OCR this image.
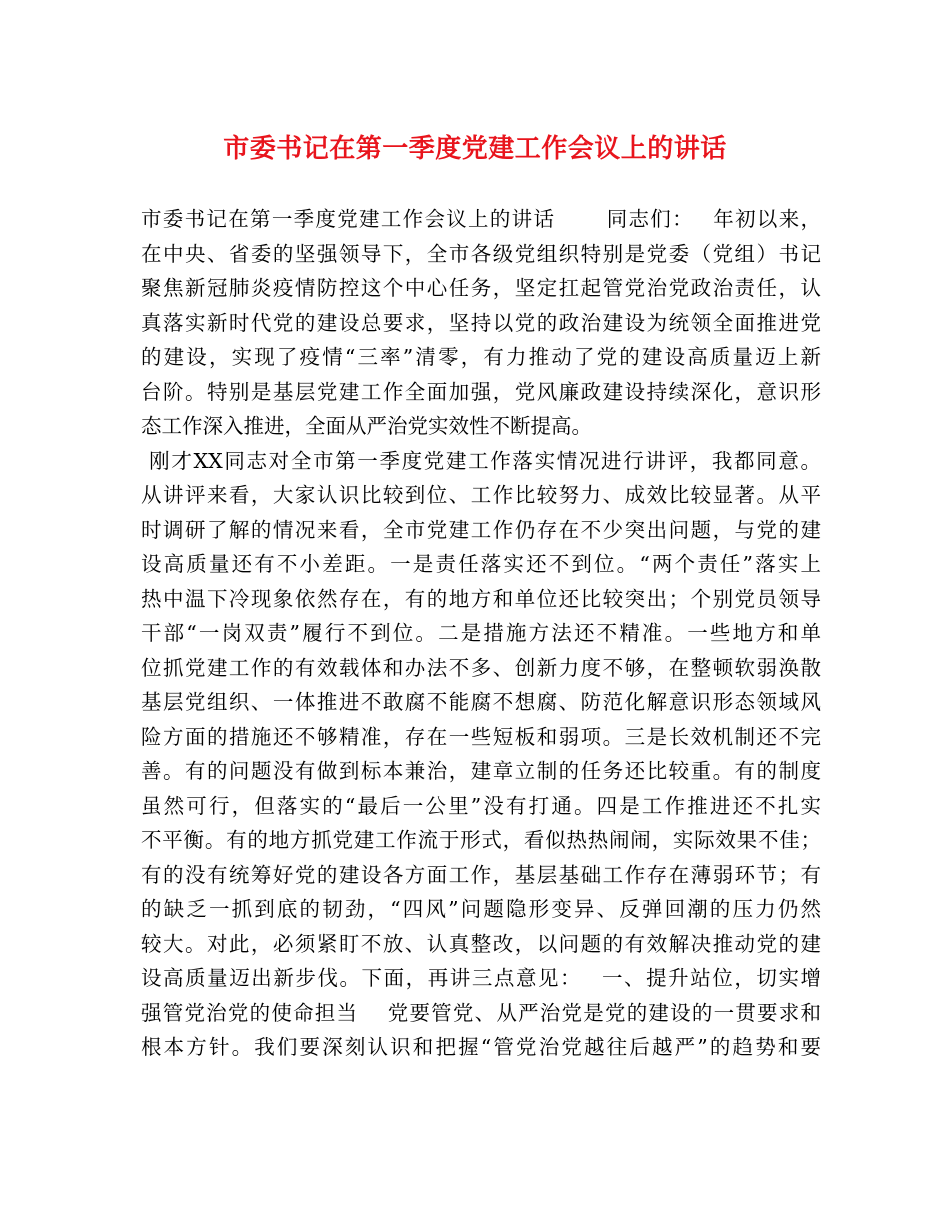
市委书记在第一季度党建工作会议上的讲话
市委书记在第一季度党建工作会议上的讲话　　 同志们：　 年初以来，
在中央、省委的坚强领导下，全市各级党组织特别是党委（党组）书记
聚焦新冠肺炎疫情防控这个中心任务，坚定扛起管党治党政治责任，认
真落实新时代党的建设总要求，坚持以党的政治建设为统领全面推进党
的建设，实现了疫情“三率”清零，有力推动了党的建设高质量迈上新
台阶。特别是基层党建工作全面加强，党风廉政建设持续深化，意识形
态工作深入推进，全面从严治党实效性不断提高。
刚才XX同志对全市第一季度党建工作落实情况进行讲评，我都同意。
从讲评来看，大家认识比较到位、工作比较努力、成效比较显著。从平
时调研了解的情况来看，全市党建工作仍存在不少突出问题，与党的建
设高质量还有不小差距。一是责任落实还不到位。“两个责任”落实上
热中温下冷现象依然存在，有的地方和单位还比较突出；个别党员领导
干部“一岗双责”履行不到位。二是措施方法还不精准。一些地方和单
位抓党建工作的有效载体和办法不多、创新力度不够，在整顿软弱涣散
基层党组织、一体推进不敢腐不能腐不想腐、防范化解意识形态领域风
险方面的措施还不够精准，存在一些短板和弱项。三是长效机制还不完
善。有的问题没有做到标本兼治，建章立制的任务还比较重。有的制度
虽然可行，但落实的“最后一公里”没有打通。四是工作推进还不扎实
不平衡。有的地方抓党建工作流于形式，看似热热闹闹，实际效果不佳；
有的没有统筹好党的建设各方面工作，基层基础工作存在薄弱环节；有
的缺乏一抓到底的韧劲，“四风”问题隐形变异、反弹回潮的压力仍然
较大。对此，必须紧盯不放、认真整改，以问题的有效解决推动党的建
设高质量迈出新步伐。下面，再讲三点意见：　 一、提升站位，切实增
强管党治党的使命担当　 党要管党、从严治党是党的建设的一贯要求和
根本方针。我们要深刻认识和把握“管党治党越往后越严”的趋势和要
